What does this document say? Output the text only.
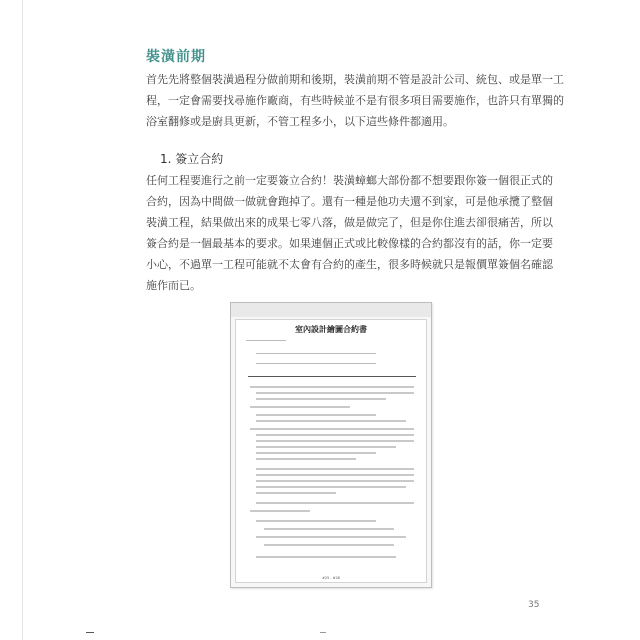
裝潢前期

首先先將整個裝潢過程分做前期和後期，裝潢前期不管是設計公司、統包、或是單一工
程，一定會需要找尋施作廠商，有些時候並不是有很多項目需要施作，也許只有單獨的
浴室翻修或是廚具更新，不管工程多小，以下這些條件都適用。

1. 簽立合約

任何工程要進行之前一定要簽立合約！裝潢蟑螂大部份都不想要跟你簽一個很正式的
合約，因為中間做一做就會跑掉了。還有一種是他功夫還不到家，可是他承攬了整個
裝潢工程，結果做出來的成果七零八落，做是做完了，但是你住進去卻很痛苦，所以
簽合約是一個最基本的要求。如果連個正式或比較像樣的合約都沒有的話，你一定要
小心，不過單一工程可能就不太會有合約的產生，很多時候就只是報價單簽個名確認
施作而已。

室內設計繪圖合約書
#25 - #28
35
